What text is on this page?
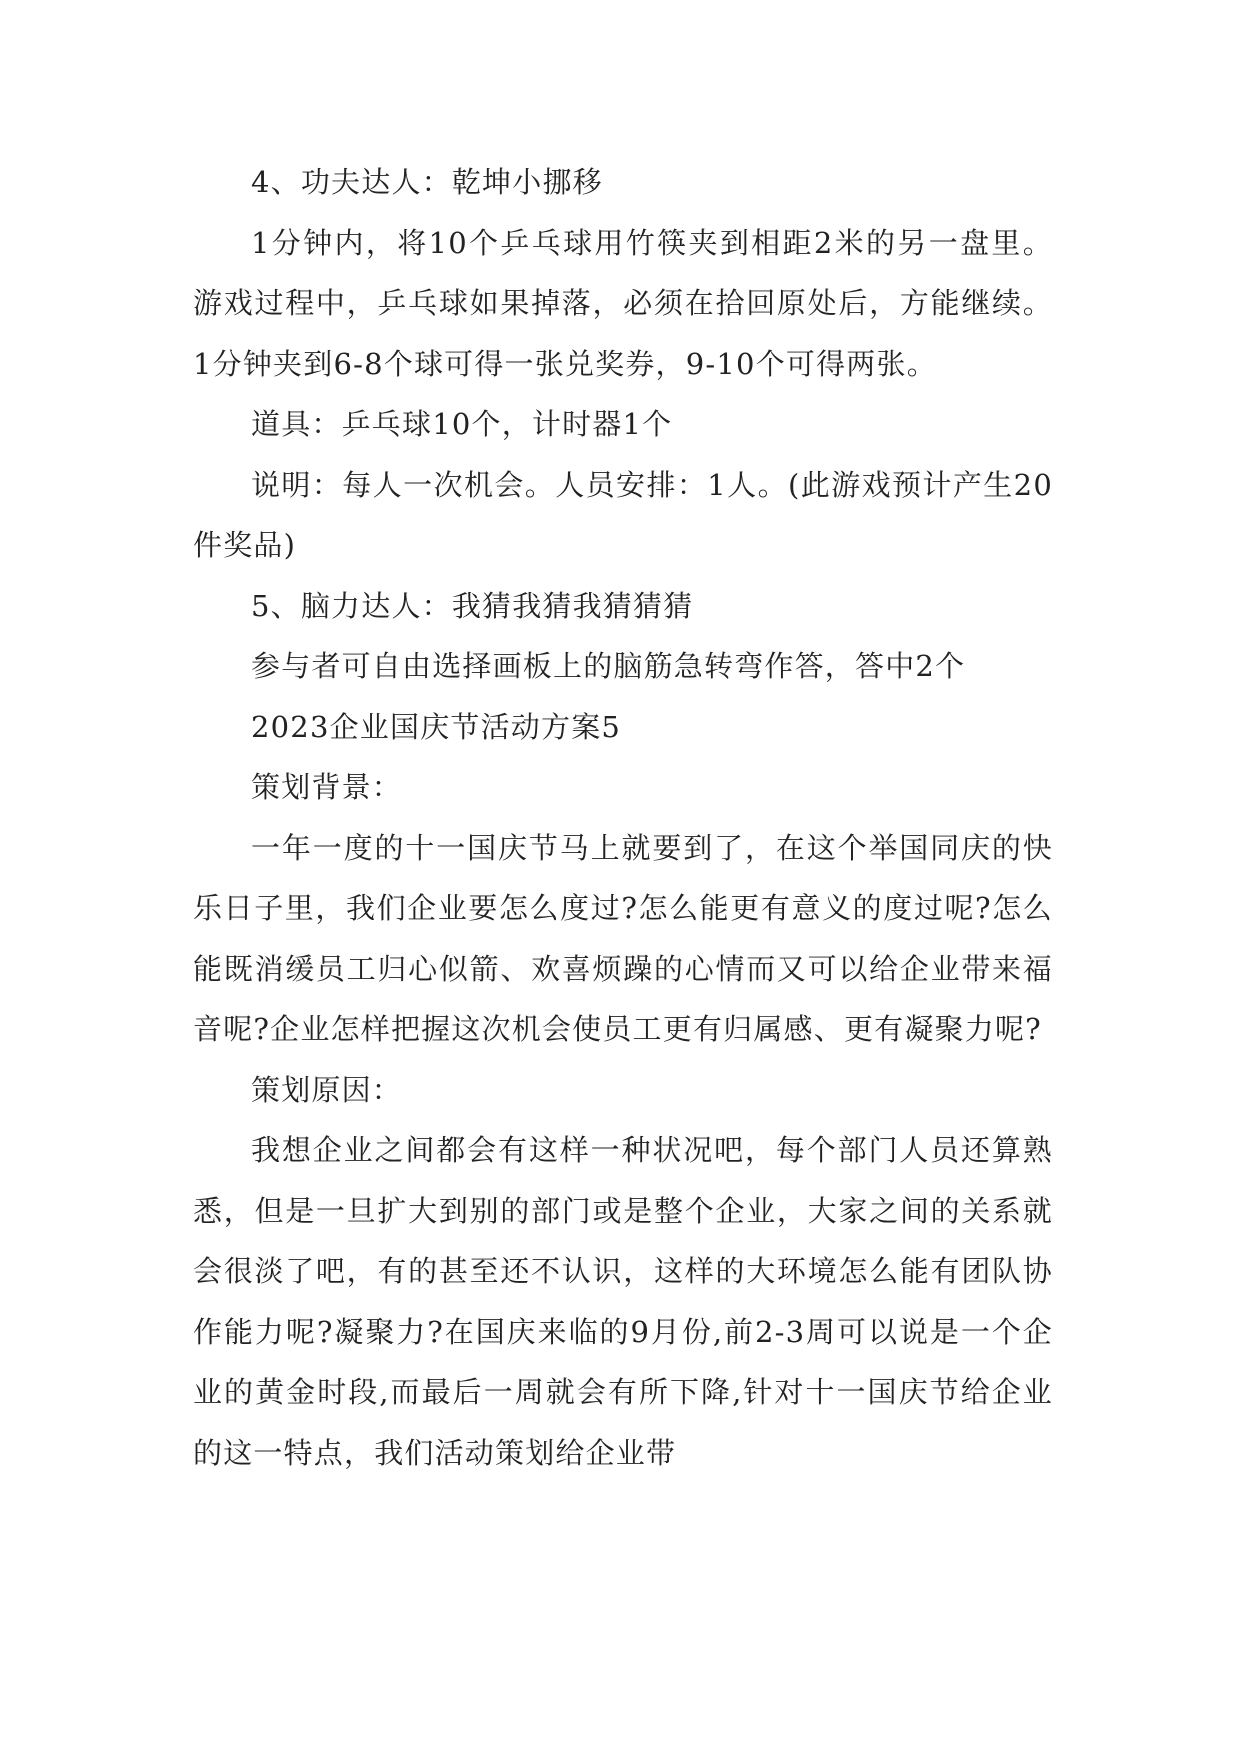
4、功夫达人：乾坤小挪移

1分钟内，将10个乒乓球用竹筷夹到相距2米的另一盘里。游戏过程中，乒乓球如果掉落，必须在拾回原处后，方能继续。1分钟夹到6-8个球可得一张兑奖券，9-10个可得两张。

道具：乒乓球10个，计时器1个

说明：每人一次机会。人员安排：1人。(此游戏预计产生20件奖品)

5、脑力达人：我猜我猜我猜猜猜

参与者可自由选择画板上的脑筋急转弯作答，答中2个

2023企业国庆节活动方案5

策划背景：

一年一度的十一国庆节马上就要到了，在这个举国同庆的快乐日子里，我们企业要怎么度过?怎么能更有意义的度过呢?怎么能既消缓员工归心似箭、欢喜烦躁的心情而又可以给企业带来福音呢?企业怎样把握这次机会使员工更有归属感、更有凝聚力呢?

策划原因：

我想企业之间都会有这样一种状况吧，每个部门人员还算熟悉，但是一旦扩大到别的部门或是整个企业，大家之间的关系就会很淡了吧，有的甚至还不认识，这样的大环境怎么能有团队协作能力呢?凝聚力?在国庆来临的9月份,前2-3周可以说是一个企业的黄金时段,而最后一周就会有所下降,针对十一国庆节给企业的这一特点，我们活动策划给企业带
